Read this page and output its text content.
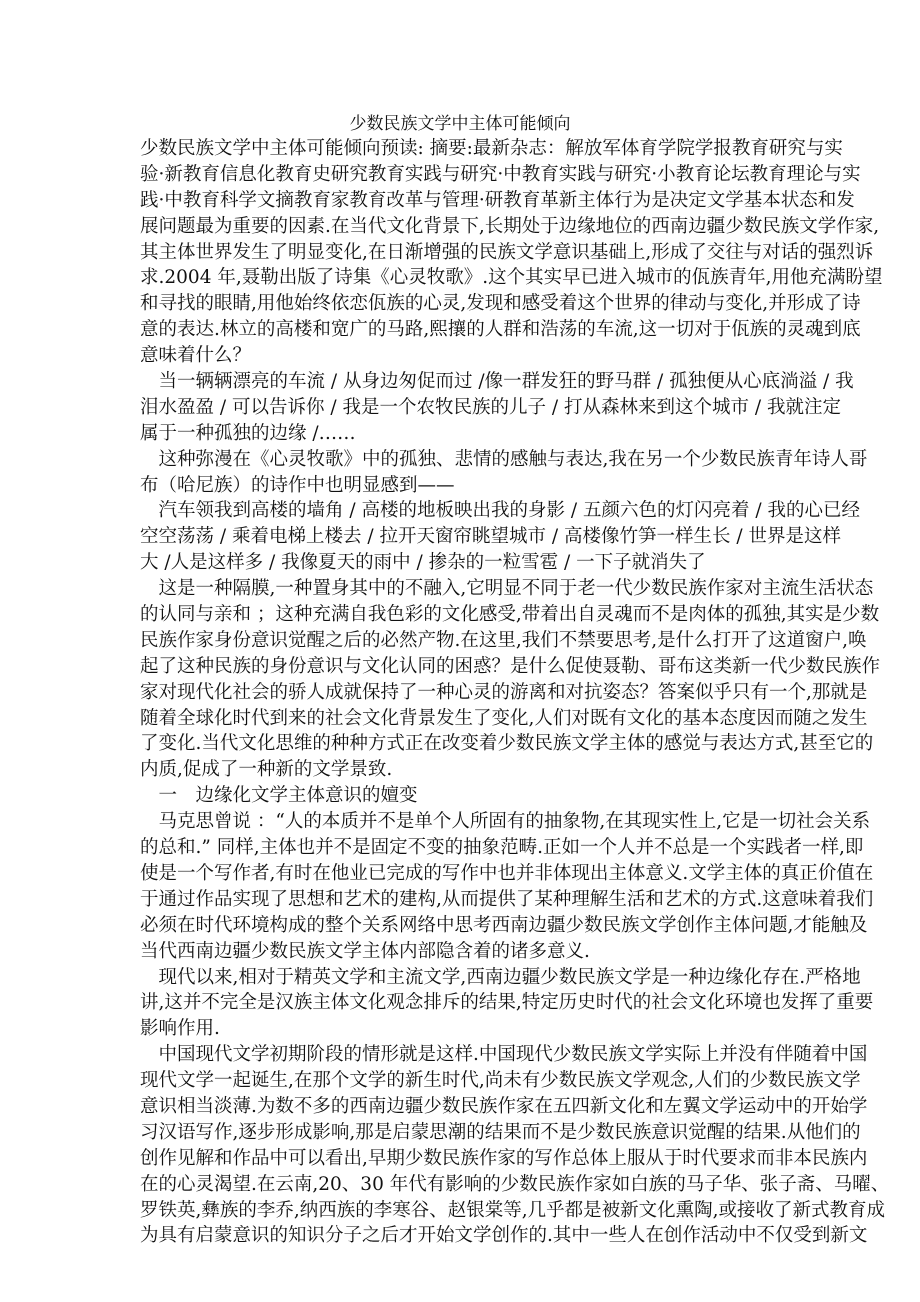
少数民族文学中主体可能倾向
少数民族文学中主体可能倾向预读: 摘要:最新杂志：解放军体育学院学报教育研究与实
验·新教育信息化教育史研究教育实践与研究·中教育实践与研究·小教育论坛教育理论与实
践·中教育科学文摘教育家教育改革与管理·研教育革新主体行为是决定文学基本状态和发
展问题最为重要的因素.在当代文化背景下,长期处于边缘地位的西南边疆少数民族文学作家,
其主体世界发生了明显变化,在日渐增强的民族文学意识基础上,形成了交往与对话的强烈诉
求.2004 年,聂勒出版了诗集《心灵牧歌》.这个其实早已进入城市的佤族青年,用他充满盼望
和寻找的眼睛,用他始终依恋佤族的心灵,发现和感受着这个世界的律动与变化,并形成了诗
意的表达.林立的高楼和宽广的马路,熙攘的人群和浩荡的车流,这一切对于佤族的灵魂到底
意味着什么？
　当一辆辆漂亮的车流 / 从身边匆促而过 /像一群发狂的野马群 / 孤独便从心底淌溢 / 我
泪水盈盈 / 可以告诉你 / 我是一个农牧民族的儿子 / 打从森林来到这个城市 / 我就注定
属于一种孤独的边缘 /……
　这种弥漫在《心灵牧歌》中的孤独、悲情的感触与表达,我在另一个少数民族青年诗人哥
布（哈尼族）的诗作中也明显感到——
　汽车领我到高楼的墙角 / 高楼的地板映出我的身影 / 五颜六色的灯闪亮着 / 我的心已经
空空荡荡 / 乘着电梯上楼去 / 拉开天窗帘眺望城市 / 高楼像竹笋一样生长 / 世界是这样
大 /人是这样多 / 我像夏天的雨中 / 掺杂的一粒雪雹 / 一下子就消失了
　这是一种隔膜,一种置身其中的不融入,它明显不同于老一代少数民族作家对主流生活状态
的认同与亲和 ；这种充满自我色彩的文化感受,带着出自灵魂而不是肉体的孤独,其实是少数
民族作家身份意识觉醒之后的必然产物.在这里,我们不禁要思考,是什么打开了这道窗户,唤
起了这种民族的身份意识与文化认同的困惑？是什么促使聂勒、哥布这类新一代少数民族作
家对现代化社会的骄人成就保持了一种心灵的游离和对抗姿态？答案似乎只有一个,那就是
随着全球化时代到来的社会文化背景发生了变化,人们对既有文化的基本态度因而随之发生
了变化.当代文化思维的种种方式正在改变着少数民族文学主体的感觉与表达方式,甚至它的
内质,促成了一种新的文学景致.
　一　边缘化文学主体意识的嬗变
　马克思曾说 ：“人的本质并不是单个人所固有的抽象物,在其现实性上,它是一切社会关系
的总和.” 同样,主体也并不是固定不变的抽象范畴.正如一个人并不总是一个实践者一样,即
使是一个写作者,有时在他业已完成的写作中也并非体现出主体意义.文学主体的真正价值在
于通过作品实现了思想和艺术的建构,从而提供了某种理解生活和艺术的方式.这意味着我们
必须在时代环境构成的整个关系网络中思考西南边疆少数民族文学创作主体问题,才能触及
当代西南边疆少数民族文学主体内部隐含着的诸多意义.
　现代以来,相对于精英文学和主流文学,西南边疆少数民族文学是一种边缘化存在.严格地
讲,这并不完全是汉族主体文化观念排斥的结果,特定历史时代的社会文化环境也发挥了重要
影响作用.
　中国现代文学初期阶段的情形就是这样.中国现代少数民族文学实际上并没有伴随着中国
现代文学一起诞生,在那个文学的新生时代,尚未有少数民族文学观念,人们的少数民族文学
意识相当淡薄.为数不多的西南边疆少数民族作家在五四新文化和左翼文学运动中的开始学
习汉语写作,逐步形成影响,那是启蒙思潮的结果而不是少数民族意识觉醒的结果.从他们的
创作见解和作品中可以看出,早期少数民族作家的写作总体上服从于时代要求而非本民族内
在的心灵渴望.在云南,20、30 年代有影响的少数民族作家如白族的马子华、张子斋、马曜、
罗铁英,彝族的李乔,纳西族的李寒谷、赵银棠等,几乎都是被新文化熏陶,或接收了新式教育成
为具有启蒙意识的知识分子之后才开始文学创作的.其中一些人在创作活动中不仅受到新文
